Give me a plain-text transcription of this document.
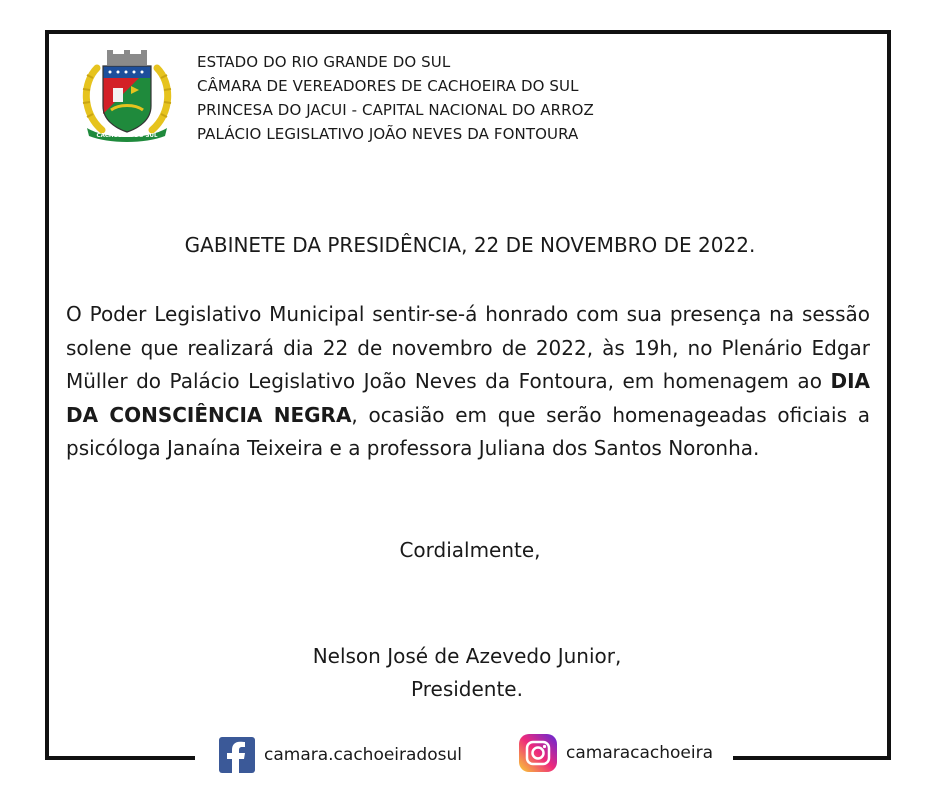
CACHOEIRA DO SUL
ESTADO DO RIO GRANDE DO SUL
CÂMARA DE VEREADORES DE CACHOEIRA DO SUL
PRINCESA DO JACUI - CAPITAL NACIONAL DO ARROZ
PALÁCIO LEGISLATIVO JOÃO NEVES DA FONTOURA
GABINETE DA PRESIDÊNCIA, 22 DE NOVEMBRO DE 2022.
O Poder Legislativo Municipal sentir-se-á honrado com sua presença na sessão solene que realizará dia 22 de novembro de 2022, às 19h, no Plenário Edgar Müller do Palácio Legislativo João Neves da Fontoura, em homenagem ao DIA DA CONSCIÊNCIA NEGRA, ocasião em que serão homenageadas oficiais a psicóloga Janaína Teixeira e a professora Juliana dos Santos Noronha.
Cordialmente,
Nelson José de Azevedo Junior,
Presidente.
camara.cachoeiradosul	camaracachoeira
